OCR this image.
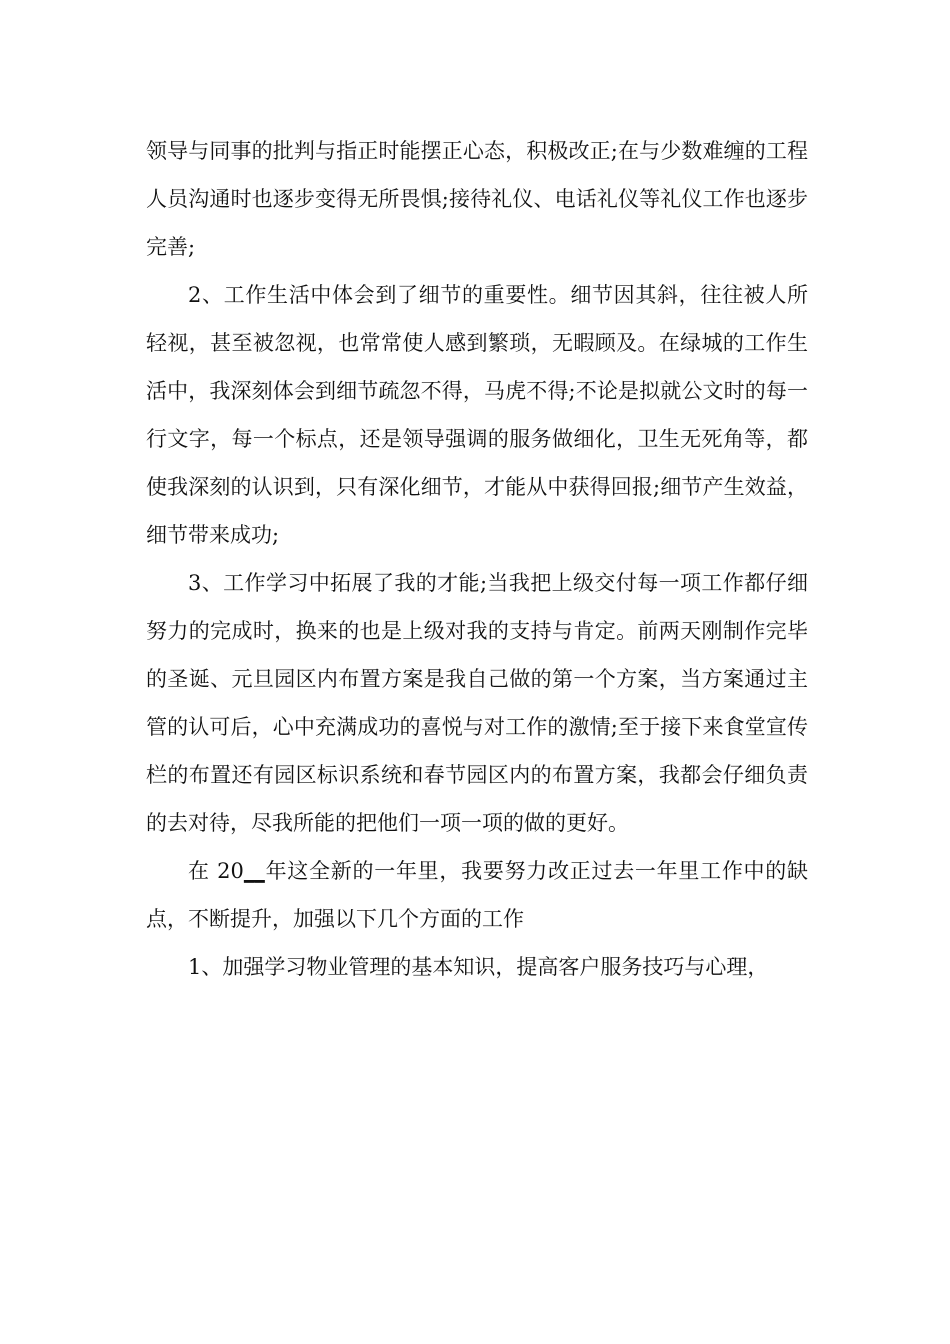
领导与同事的批判与指正时能摆正心态，积极改正;在与少数难缠的工程人员沟通时也逐步变得无所畏惧;接待礼仪、电话礼仪等礼仪工作也逐步完善;

2、工作生活中体会到了细节的重要性。细节因其斜，往往被人所轻视，甚至被忽视，也常常使人感到繁琐，无暇顾及。在绿城的工作生活中，我深刻体会到细节疏忽不得，马虎不得;不论是拟就公文时的每一行文字，每一个标点，还是领导强调的服务做细化，卫生无死角等，都使我深刻的认识到，只有深化细节，才能从中获得回报;细节产生效益，细节带来成功;

3、工作学习中拓展了我的才能;当我把上级交付每一项工作都仔细努力的完成时，换来的也是上级对我的支持与肯定。前两天刚制作完毕的圣诞、元旦园区内布置方案是我自己做的第一个方案，当方案通过主管的认可后，心中充满成功的喜悦与对工作的激情;至于接下来食堂宣传栏的布置还有园区标识系统和春节园区内的布置方案，我都会仔细负责的去对待，尽我所能的把他们一项一项的做的更好。

在 20__年这全新的一年里，我要努力改正过去一年里工作中的缺点，不断提升，加强以下几个方面的工作

1、加强学习物业管理的基本知识，提高客户服务技巧与心理，
